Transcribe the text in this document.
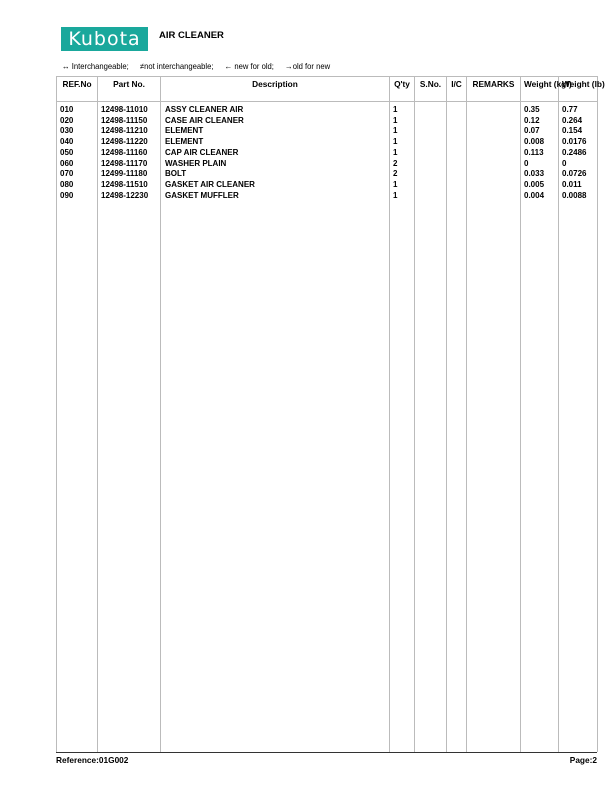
Kubota	AIR CLEANER
↔ Interchangeable; ≠not interchangeable; ← new for old; →old for new
REF.No	Part No.	Description	Q'ty	S.No.	I/C	REMARKS	Weight (kgf)	Weight (lb)
010	12498-11010	ASSY CLEANER AIR	1				0.35	0.77
020	12498-11150	CASE AIR CLEANER	1				0.12	0.264
030	12498-11210	ELEMENT	1				0.07	0.154
040	12498-11220	ELEMENT	1				0.008	0.0176
050	12498-11160	CAP AIR CLEANER	1				0.113	0.2486
060	12498-11170	WASHER PLAIN	2				0	0
070	12499-11180	BOLT	2				0.033	0.0726
080	12498-11510	GASKET AIR CLEANER	1				0.005	0.011
090	12498-12230	GASKET MUFFLER	1				0.004	0.0088

Reference:01G002	Page:2
